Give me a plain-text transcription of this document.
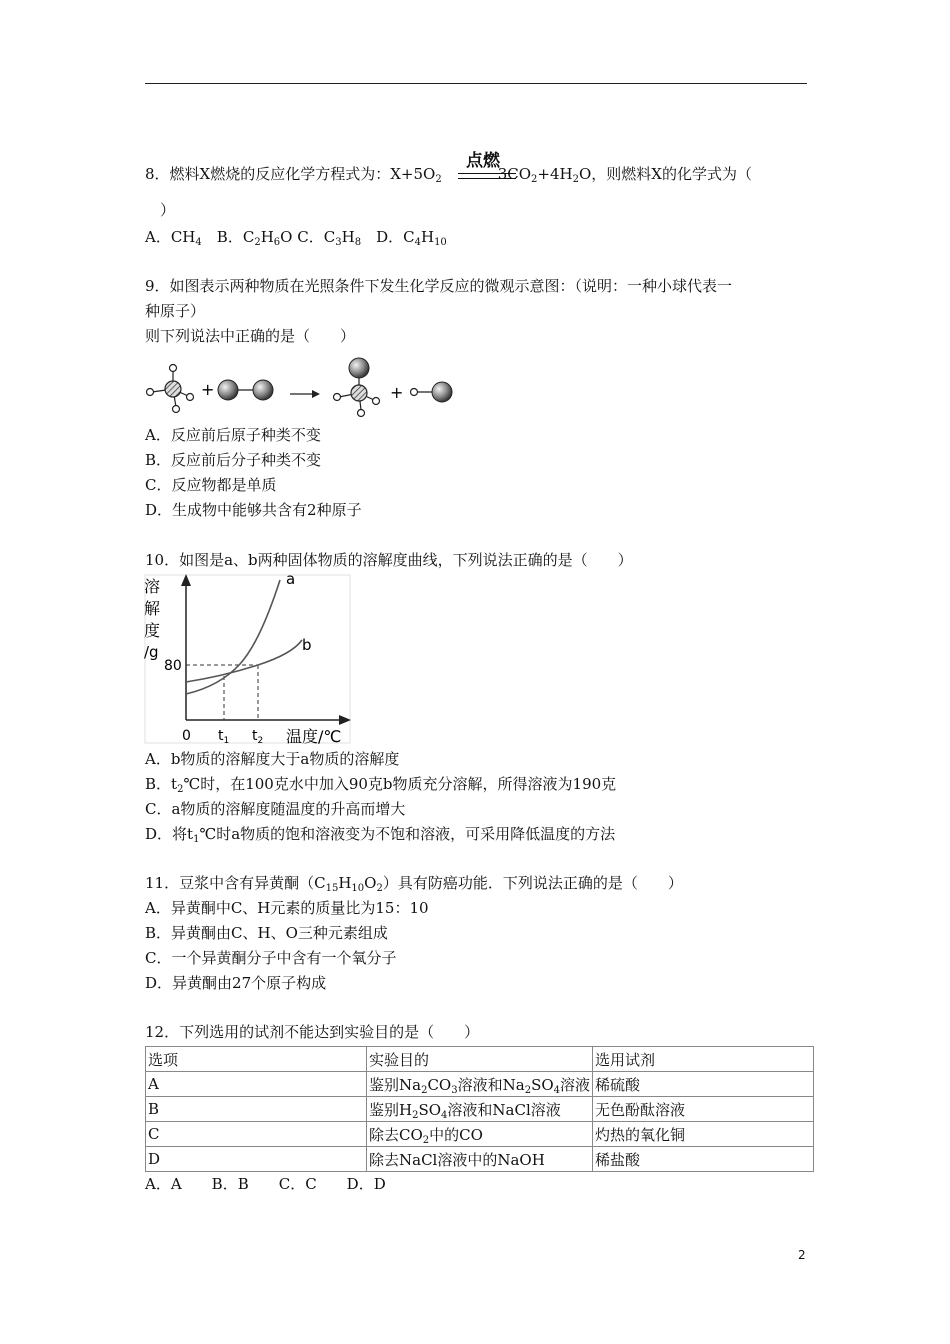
8．燃料X燃烧的反应化学方程式为：$X+5O_2$	$3CO_2+4H_2O$，则燃料X的化学式为（
点燃
）
A．$CH_4$　 B．$C_2H_6O$ C．$C_3H_8$　 D．$C_4H_{10}$
9．如图表示两种物质在光照条件下发生化学反应的微观示意图：（说明：一种小球代表一
种原子）
则下列说法中正确的是（　　）
+	+
A．反应前后原子种类不变
B．反应前后分子种类不变
C．反应物都是单质
D．生成物中能够共含有2种原子
10．如图是a、b两种固体物质的溶解度曲线，下列说法正确的是（　　）
溶
解
度
/g
a
b
80
0 $t_1$ $t_2$ 温度/℃
A．b物质的溶解度大于a物质的溶解度
B．$t_2℃$时，在100克水中加入90克b物质充分溶解，所得溶液为190克
C．a物质的溶解度随温度的升高而增大
D．将$t_1℃$时a物质的饱和溶液变为不饱和溶液，可采用降低温度的方法
11．豆浆中含有异黄酮$(C_{15}H_{10}O_2)$具有防癌功能．下列说法正确的是（　　）
A．异黄酮中C、H元素的质量比为15：10
B．异黄酮由C、H、O三种元素组成
C．一个异黄酮分子中含有一个氧分子
D．异黄酮由27个原子构成
12．下列选用的试剂不能达到实验目的是（　　）
选项	实验目的	选用试剂
A	鉴别$Na_2CO_3$溶液和$Na_2SO_4$溶液	稀硫酸
B	鉴别$H_2SO_4$溶液和NaCl溶液	无色酚酞溶液
C	除去$CO_2$中的CO	灼热的氧化铜
D	除去NaCl溶液中的NaOH	稀盐酸
A．A　　B．B　　C．C　　D．D
2
